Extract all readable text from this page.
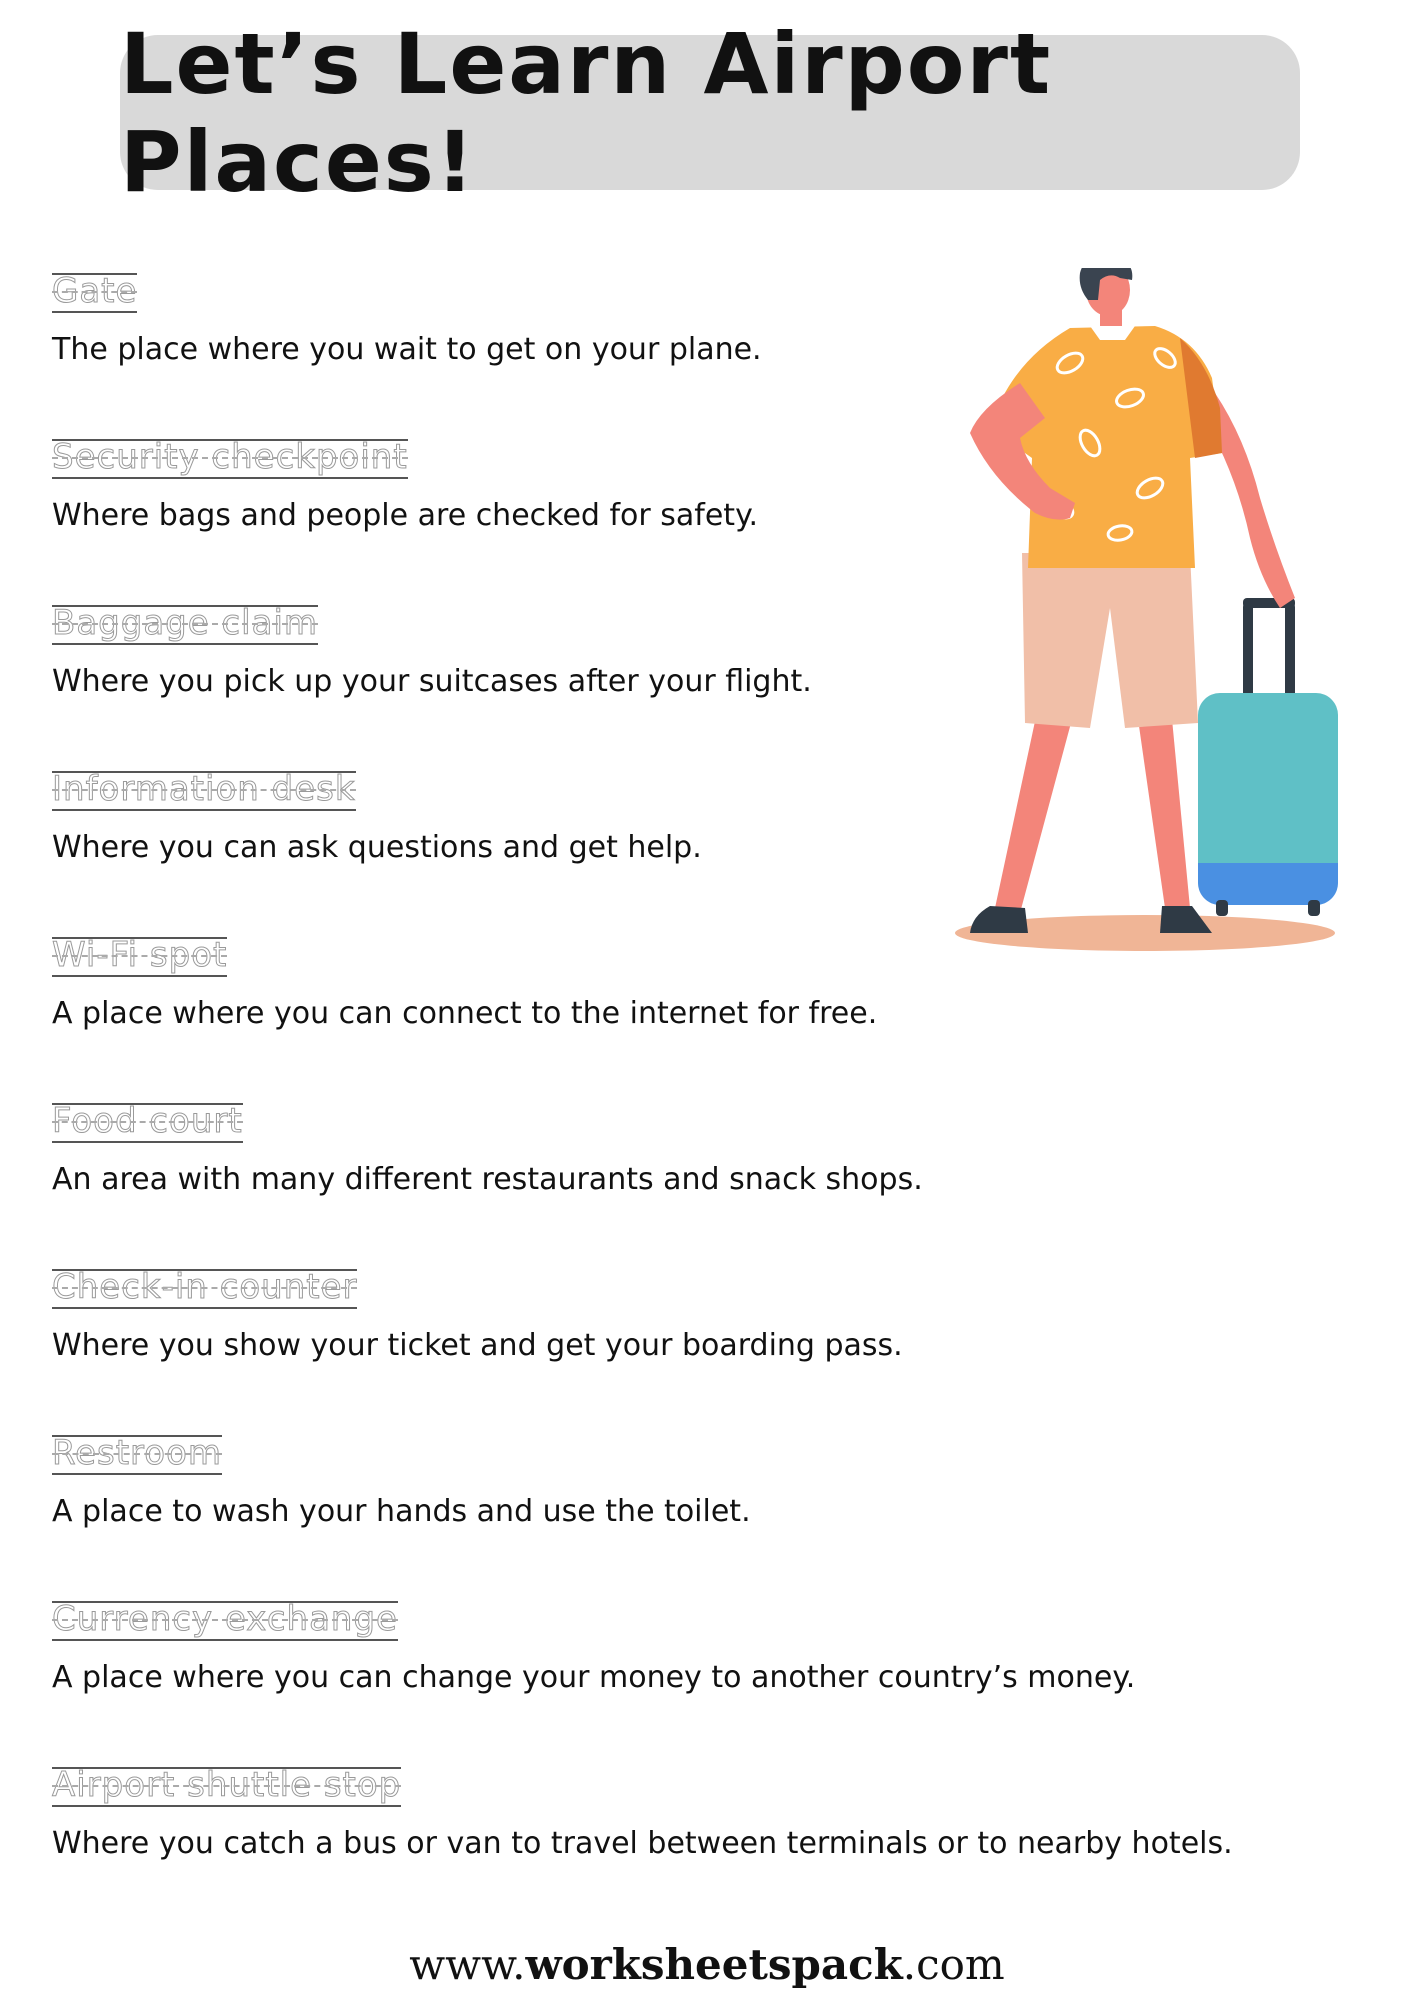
Let’s Learn Airport Places!
Gate
The place where you wait to get on your plane.
Security checkpoint
Where bags and people are checked for safety.
Baggage claim
Where you pick up your suitcases after your flight.
Information desk
Where you can ask questions and get help.
Wi-Fi spot
A place where you can connect to the internet for free.
Food court
An area with many different restaurants and snack shops.
Check-in counter
Where you show your ticket and get your boarding pass.
Restroom
A place to wash your hands and use the toilet.
Currency exchange
A place where you can change your money to another country’s money.
Airport shuttle stop
Where you catch a bus or van to travel between terminals or to nearby hotels.
www.worksheetspack.com
